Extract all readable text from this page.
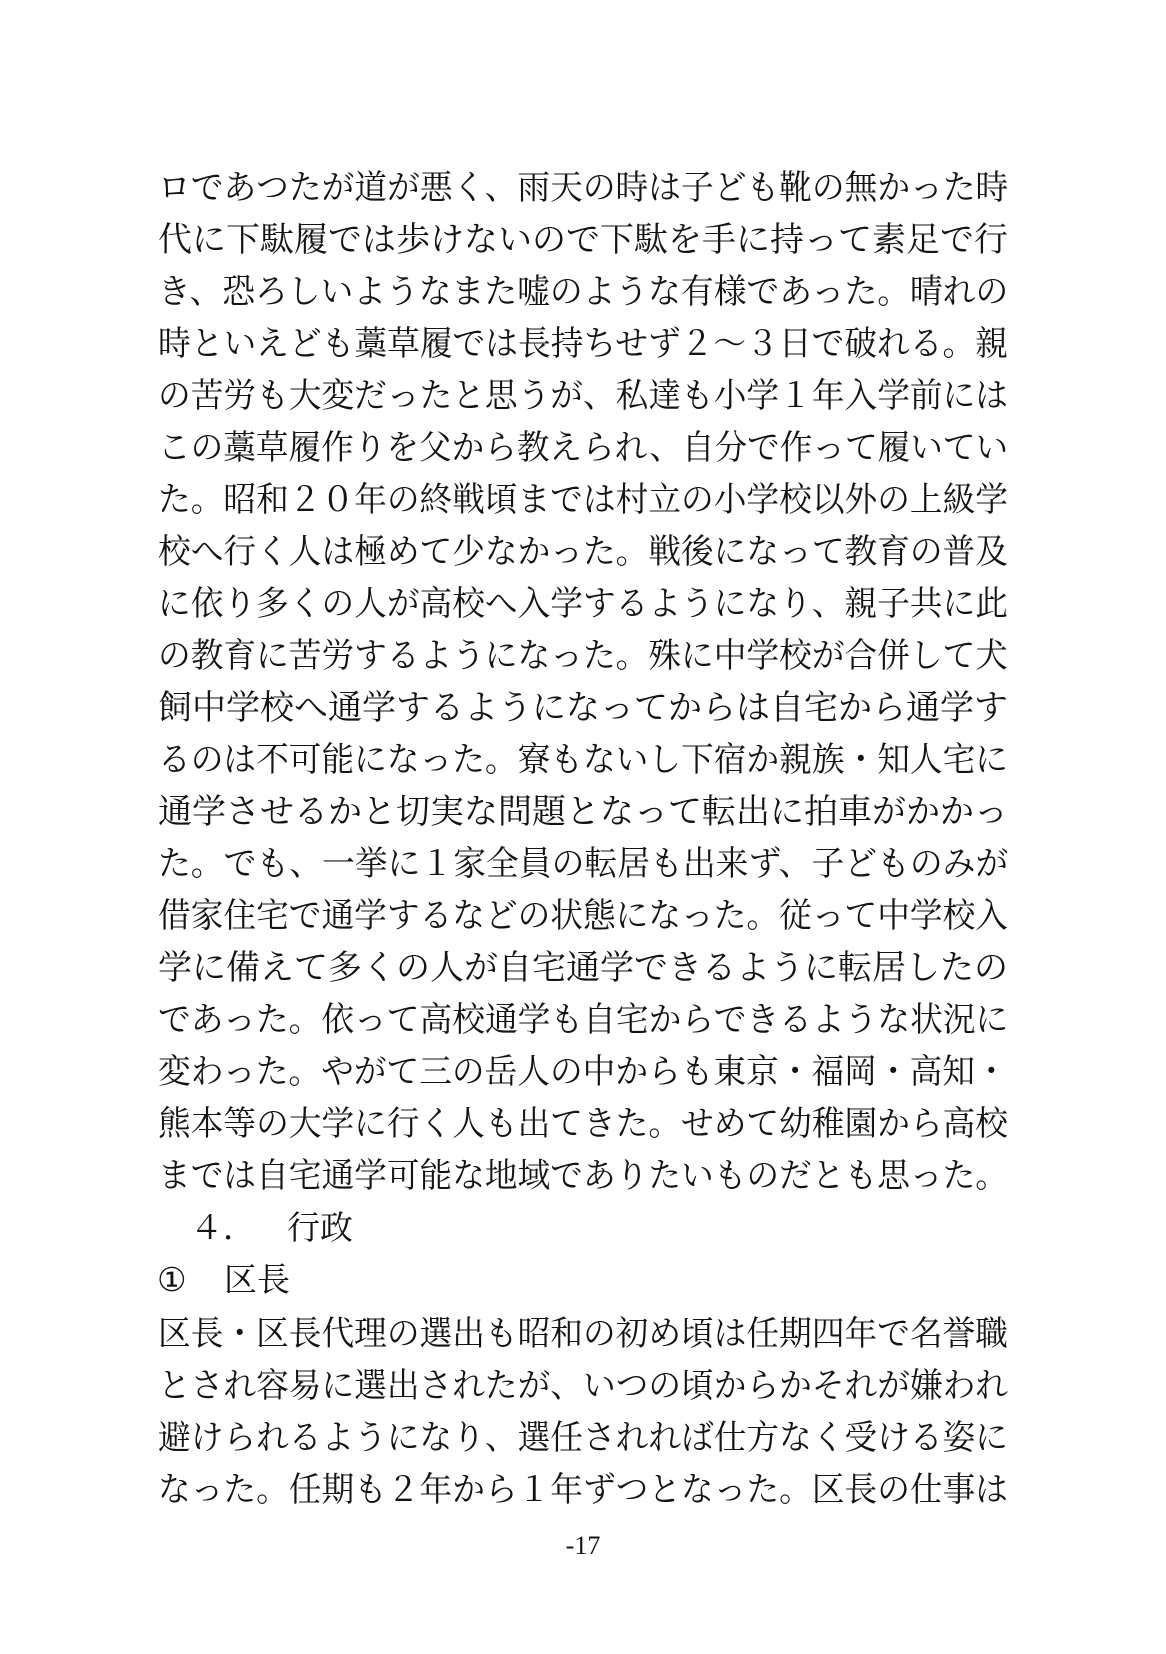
ロであつたが道が悪く、雨天の時は子ども靴の無かった時
代に下駄履では歩けないので下駄を手に持って素足で行
き、恐ろしいようなまた嘘のような有様であった。晴れの
時といえども藁草履では長持ちせず２～３日で破れる。親
の苦労も大変だったと思うが、私達も小学１年入学前には
この藁草履作りを父から教えられ、自分で作って履いてい
た。昭和２０年の終戦頃までは村立の小学校以外の上級学
校へ行く人は極めて少なかった。戦後になって教育の普及
に依り多くの人が高校へ入学するようになり、親子共に此
の教育に苦労するようになった。殊に中学校が合併して犬
飼中学校へ通学するようになってからは自宅から通学す
るのは不可能になった。寮もないし下宿か親族・知人宅に
通学させるかと切実な問題となって転出に拍車がかかっ
た。でも、一挙に１家全員の転居も出来ず、子どものみが
借家住宅で通学するなどの状態になった。従って中学校入
学に備えて多くの人が自宅通学できるように転居したの
であった。依って高校通学も自宅からできるような状況に
変わった。やがて三の岳人の中からも東京・福岡・高知・
熊本等の大学に行く人も出てきた。せめて幼稚園から高校
までは自宅通学可能な地域でありたいものだとも思った。
４． 行政
① 区長
区長・区長代理の選出も昭和の初め頃は任期四年で名誉職
とされ容易に選出されたが、いつの頃からかそれが嫌われ
避けられるようになり、選任されれば仕方なく受ける姿に
なった。任期も２年から１年ずつとなった。区長の仕事は
-17
